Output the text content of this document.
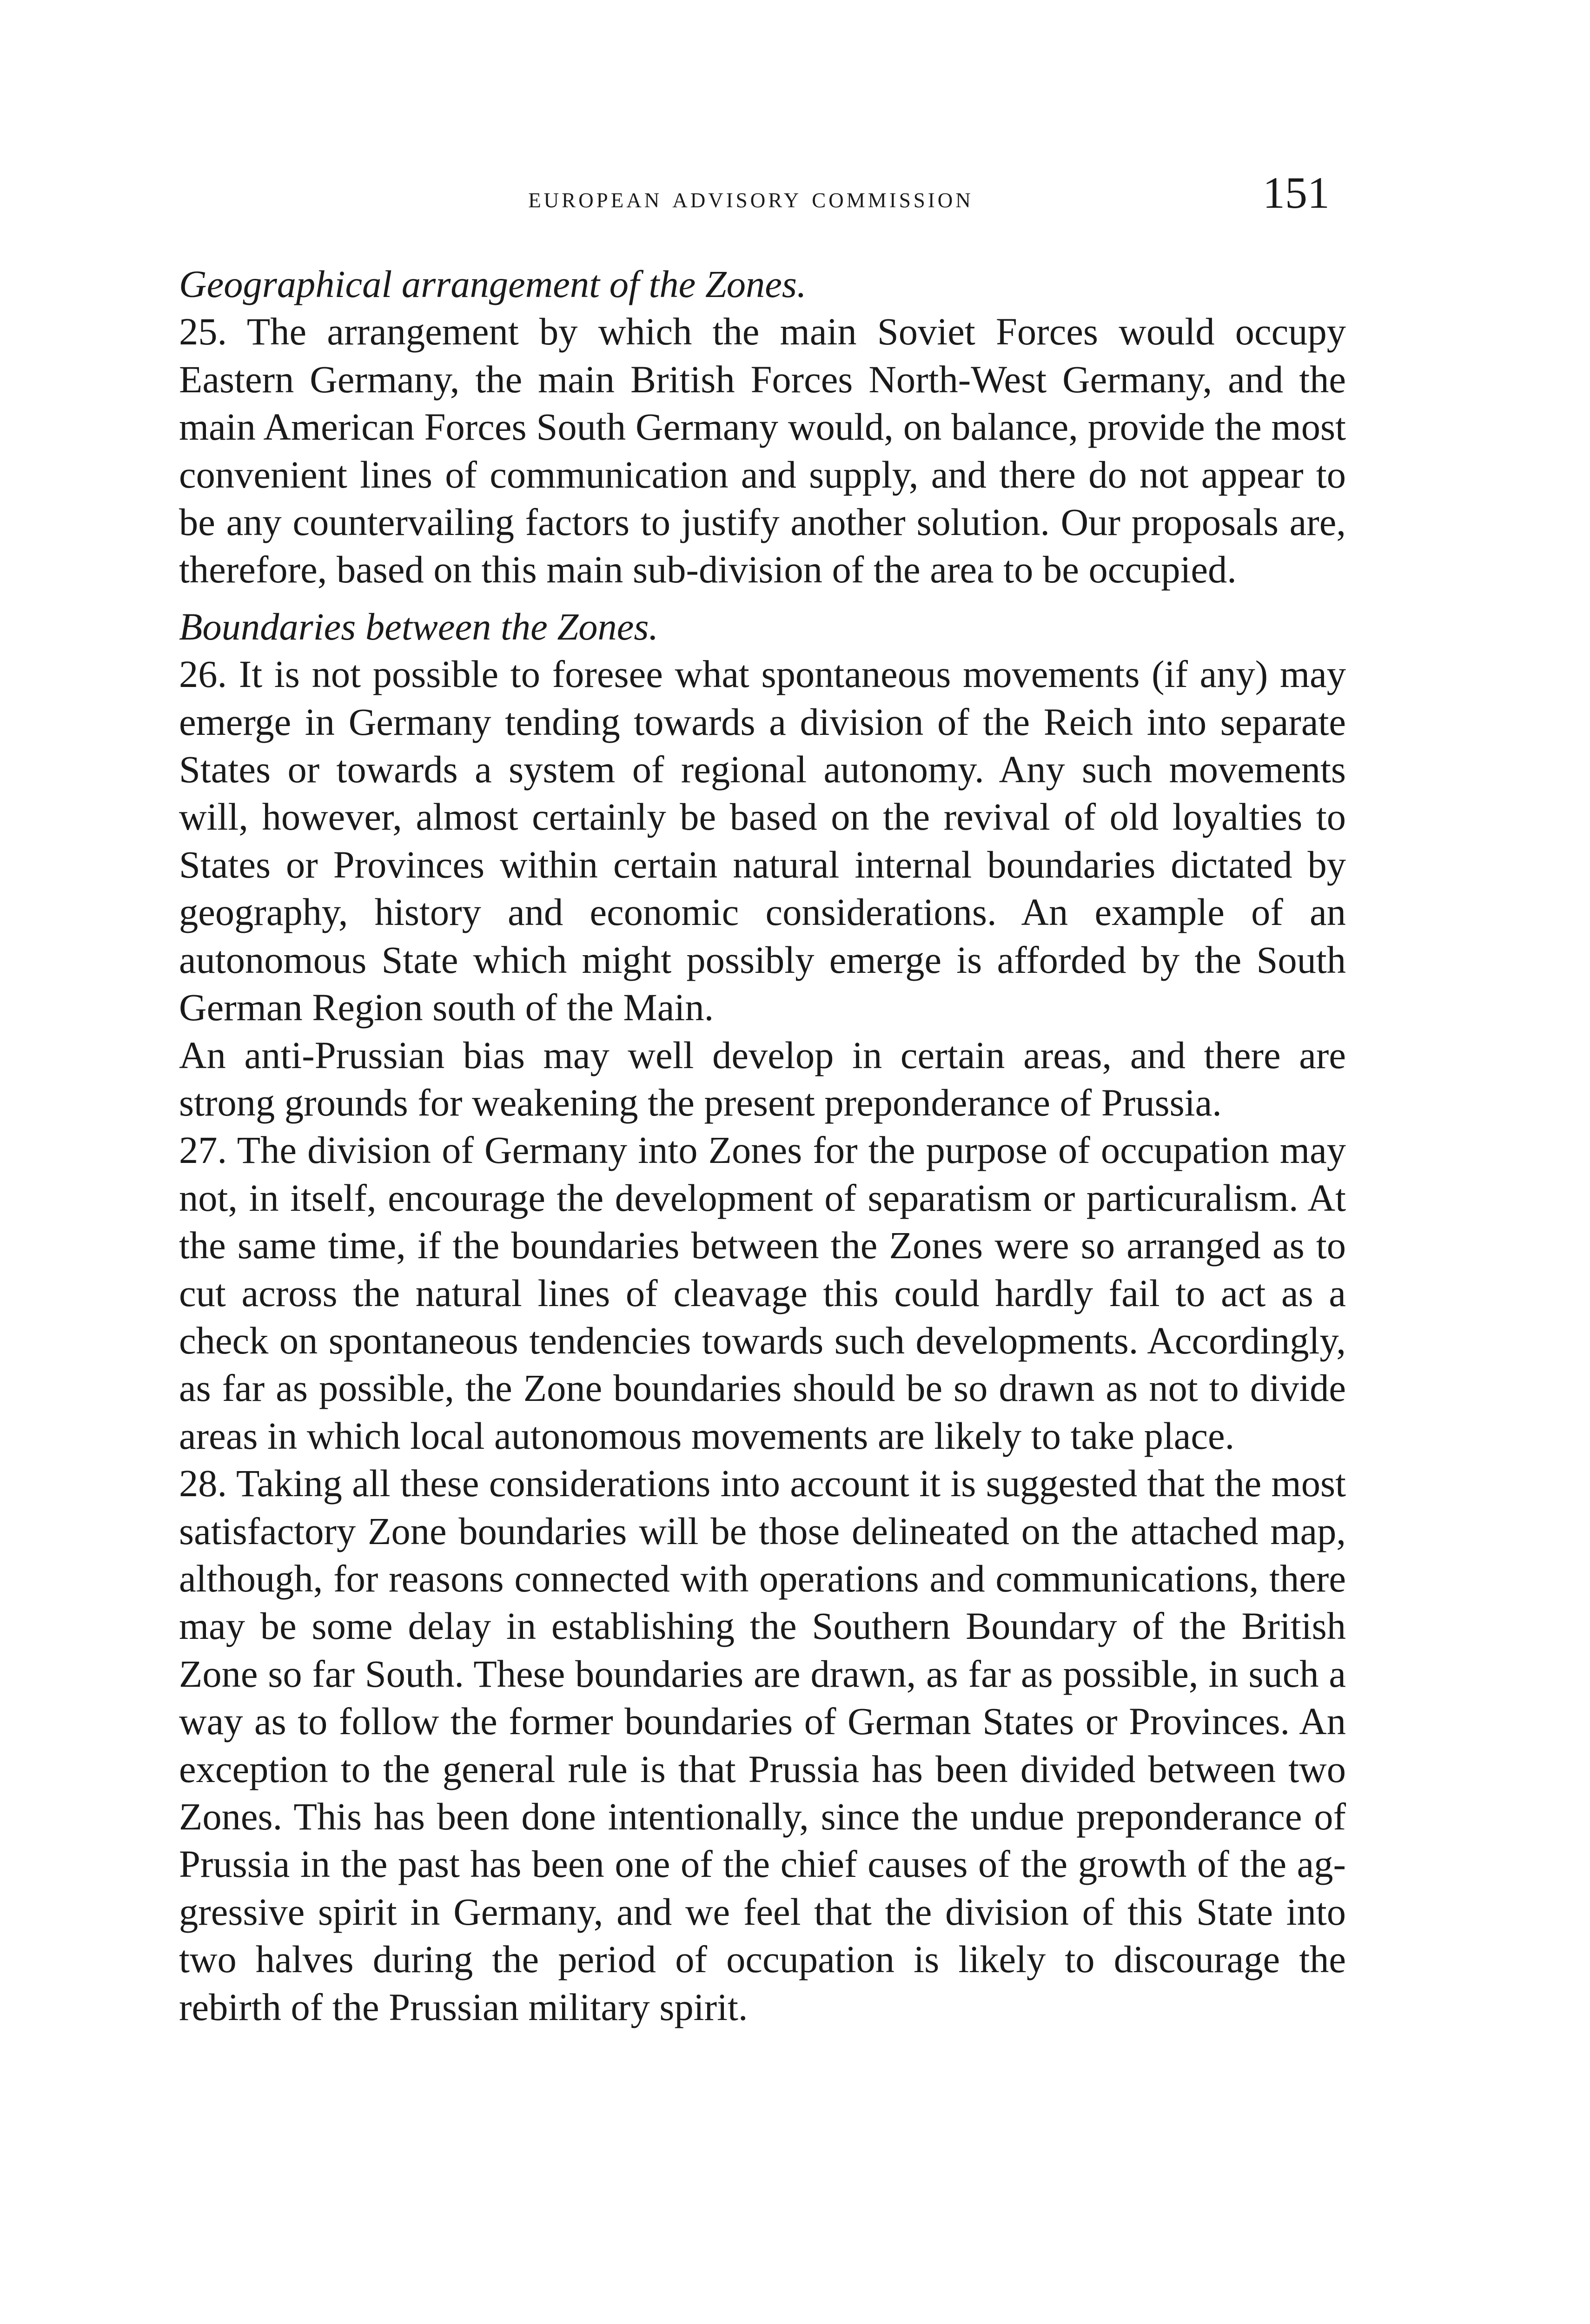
european advisory commission	151

Geographical arrangement of the Zones.

25. The arrangement by which the main Soviet Forces would occupy Eastern Germany, the main British Forces North-West Germany, and the main American Forces South Germany would, on balance, provide the most convenient lines of communication and supply, and there do not appear to be any countervailing factors to justify another solution. Our proposals are, therefore, based on this main sub-division of the area to be occupied.

Boundaries between the Zones.

26. It is not possible to foresee what spontaneous movements (if any) may emerge in Germany tending towards a division of the Reich into separate States or towards a system of regional autonomy. Any such movements will, however, almost certainly be based on the revival of old loyalties to States or Provinces within certain natural internal boundaries dictated by geography, history and economic considerations. An example of an autonomous State which might possibly emerge is afforded by the South German Region south of the Main.

An anti-Prussian bias may well develop in certain areas, and there are strong grounds for weakening the present preponderance of Prussia.

27. The division of Germany into Zones for the purpose of occupation may not, in itself, encourage the development of separatism or particuralism. At the same time, if the boundaries between the Zones were so arranged as to cut across the natural lines of cleavage this could hardly fail to act as a check on spontaneous tendencies towards such developments. Accordingly, as far as possible, the Zone boundaries should be so drawn as not to divide areas in which local autonomous movements are likely to take place.

28. Taking all these considerations into account it is suggested that the most satisfactory Zone boundaries will be those delineated on the attached map, although, for reasons connected with operations and communications, there may be some delay in establishing the Southern Boundary of the British Zone so far South. These boundaries are drawn, as far as possible, in such a way as to follow the former boundaries of German States or Provinces. An exception to the general rule is that Prussia has been divided between two Zones. This has been done intentionally, since the undue preponderance of Prussia in the past has been one of the chief causes of the growth of the aggressive spirit in Germany, and we feel that the division of this State into two halves during the period of occupation is likely to discourage the rebirth of the Prussian military spirit.
